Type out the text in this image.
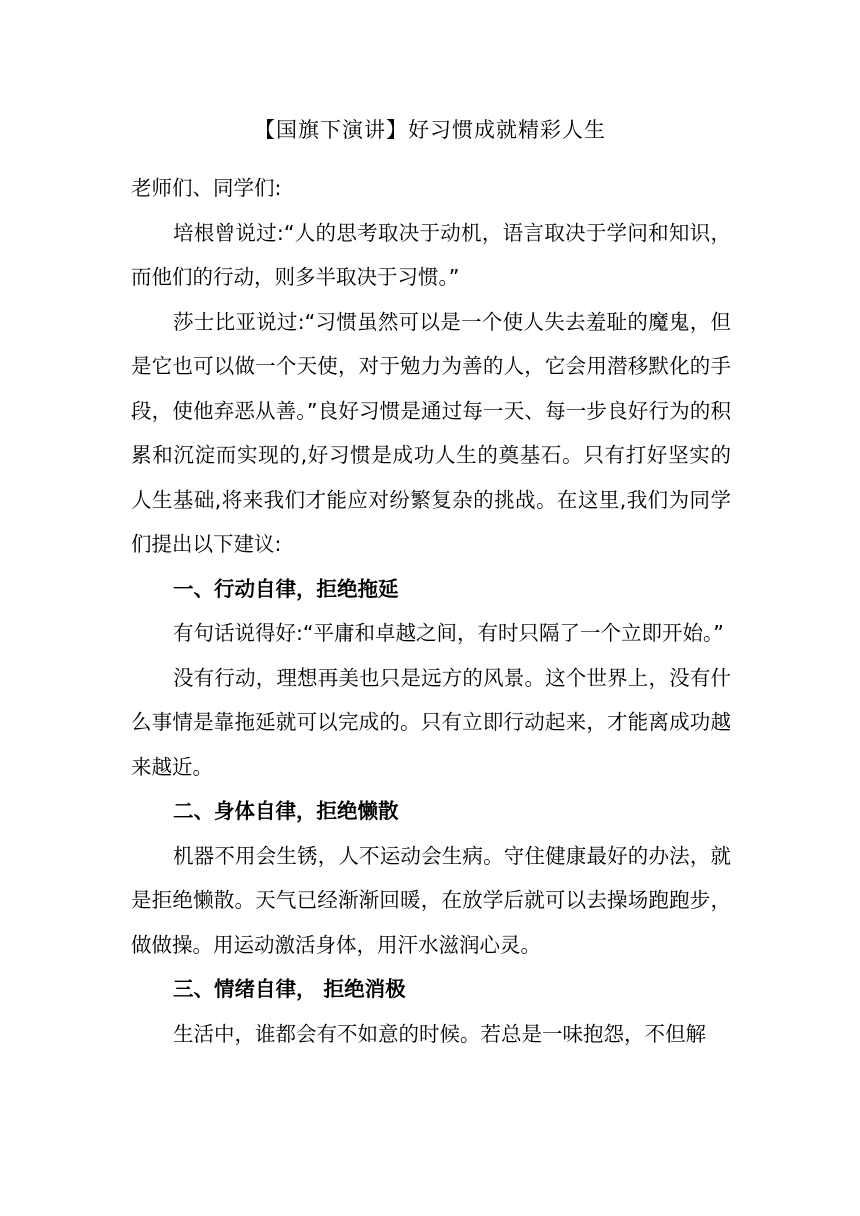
【国旗下演讲】好习惯成就精彩人生

老师们、同学们:

培根曾说过:“人的思考取决于动机，语言取决于学问和知识，而他们的行动，则多半取决于习惯。”

莎士比亚说过:“习惯虽然可以是一个使人失去羞耻的魔鬼，但是它也可以做一个天使，对于勉力为善的人，它会用潜移默化的手段，使他弃恶从善。”良好习惯是通过每一天、每一步良好行为的积累和沉淀而实现的,好习惯是成功人生的奠基石。只有打好坚实的人生基础,将来我们才能应对纷繁复杂的挑战。在这里,我们为同学们提出以下建议:

一、行动自律，拒绝拖延

有句话说得好:“平庸和卓越之间，有时只隔了一个立即开始。”

没有行动，理想再美也只是远方的风景。这个世界上，没有什么事情是靠拖延就可以完成的。只有立即行动起来，才能离成功越来越近。

二、身体自律，拒绝懒散

机器不用会生锈，人不运动会生病。守住健康最好的办法，就是拒绝懒散。天气已经渐渐回暖，在放学后就可以去操场跑跑步，做做操。用运动激活身体，用汗水滋润心灵。

三、情绪自律， 拒绝消极

生活中，谁都会有不如意的时候。若总是一味抱怨，不但解
